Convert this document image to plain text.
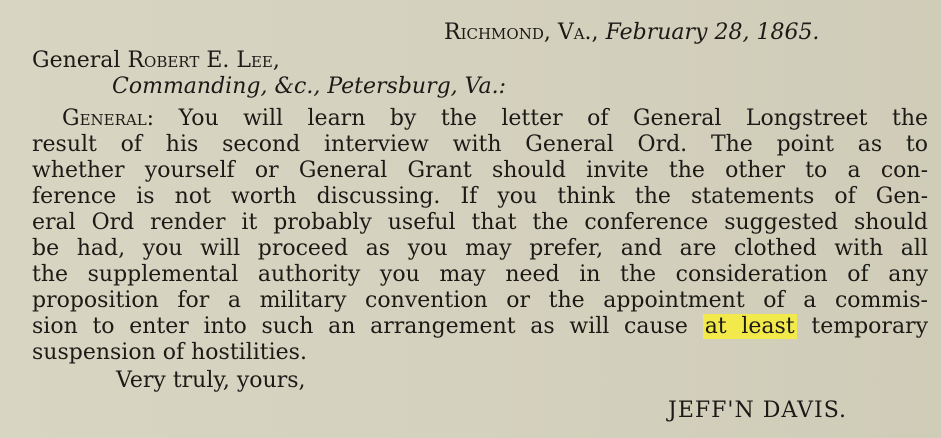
Richmond, Va., February 28, 1865.
General Robert E. Lee,
Commanding, &c., Petersburg, Va.:
General: You will learn by the letter of General Longstreet the
result of his second interview with General Ord. The point as to
whether yourself or General Grant should invite the other to a con-
ference is not worth discussing. If you think the statements of Gen-
eral Ord render it probably useful that the conference suggested should
be had, you will proceed as you may prefer, and are clothed with all
the supplemental authority you may need in the consideration of any
proposition for a military convention or the appointment of a commis-
sion to enter into such an arrangement as will cause at least temporary
suspension of hostilities.
Very truly, yours,
JEFF'N DAVIS.
